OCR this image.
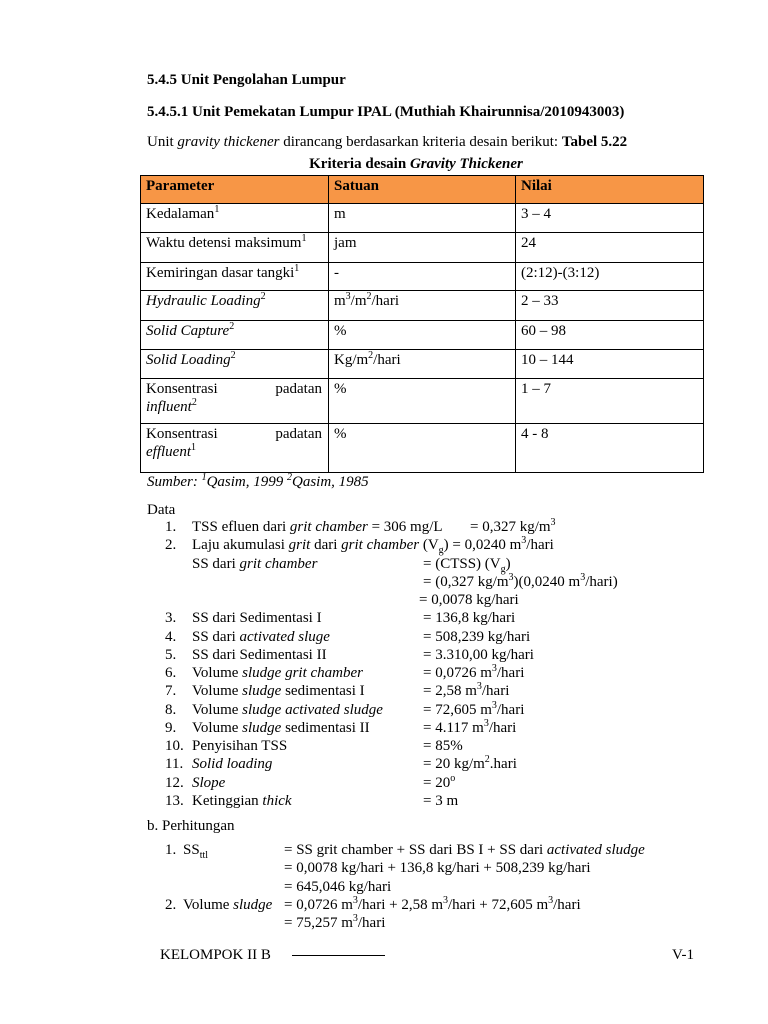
5.4.5 Unit Pengolahan Lumpur
5.4.5.1 Unit Pemekatan Lumpur IPAL (Muthiah Khairunnisa/2010943003)
Unit gravity thickener dirancang berdasarkan kriteria desain berikut: Tabel 5.22
Kriteria desain Gravity Thickener
Parameter	Satuan	Nilai
Kedalaman$^1$	m	3 – 4
Waktu detensi maksimum$^1$	jam	24
Kemiringan dasar tangki$^1$	-	(2:12)-(3:12)
Hydraulic Loading$^2$	$m^3/m^2$/hari	2 – 33
Solid Capture$^2$	%	60 – 98
Solid Loading$^2$	$Kg/m^2$/hari	10 – 144

Konsentrasi padatan
influent$^2$	%	1 – 7

Konsentrasi padatan
effluent$^1$	%	4 - 8
Sumber: $^1$Qasim, 1999 $^2$Qasim, 1985
Data
1. TSS efluen dari grit chamber = 306 mg/L = 0,327 $kg/m^3$
2. Laju akumulasi grit dari grit chamber $(V_g) = 0,0240$ $m^3$/hari
SS dari grit chamber	= (CTSS) $(V_g)$
= (0,327 $kg/m^3)(0,0240$ $m^3/hari$)
= 0,0078 kg/hari
3. SS dari Sedimentasi I	= 136,8 kg/hari
4. SS dari activated sluge	= 508,239 kg/hari
5. SS dari Sedimentasi II	= 3.310,00 kg/hari
6. Volume sludge grit chamber	= 0,0726 $m^3$/hari
7. Volume sludge sedimentasi I	= 2,58 $m^3$/hari
8. Volume sludge activated sludge	= 72,605 $m^3$/hari
9. Volume sludge sedimentasi II	= 4.117 $m^3$/hari
10. Penyisihan TSS	= 85%
11. Solid loading	= 20 $kg/m^2.hari$
12. Slope	= $20^o$
13. Ketinggian thick	= 3 m
b. Perhitungan
1. $SS_{ttl}$	= SS grit chamber + SS dari BS I + SS dari activated sludge
= 0,0078 kg/hari + 136,8 kg/hari + 508,239 kg/hari
= 645,046 kg/hari
2. Volume sludge = 0,0726 $m^3$/hari + 2,58 $m^3$/hari + 72,605 $m^3$/hari
= 75,257 $m^3$/hari
KELOMPOK II B	V-1
